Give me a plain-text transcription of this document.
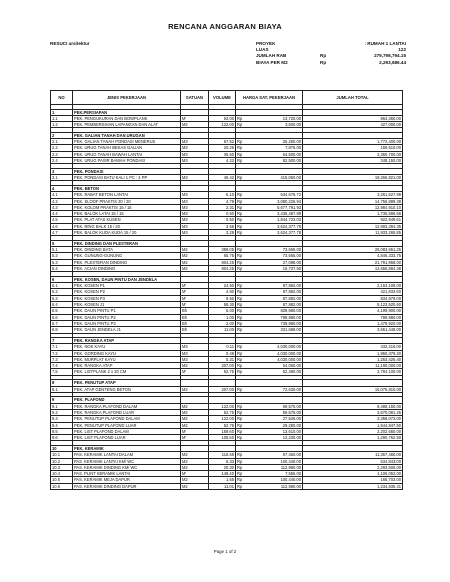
RENCANA ANGGARAN BIAYA
RESUCI arsitektur	PROYEK	: RUMAH 1 LANTAI
LUAS	122
JUMLAH RAB	Rp	279,798,794.15
BIAYA PER M2	Rp	2,293,686.44
NO	JENIS PEKERJAAN	SATUAN	VOLUME	HARGA SAT. PEKERJAAN		JUMLAH TOTAL

1	PEK.PERSIAPAN					
1.1	PEK. PENGUKURAN DAN BOWPLANK	M'	63.00	Rp	13,720.00	864,360.00
1.2	PEK. PEMBERSIHAN LAPANGAN DAN ALAT	M2	122.00	Rp	3,500.00	427,000.00

2	PEK. GALIAN TANAH DAN URUGAN					
2.1	PEK. GALIAN TANAH PONDASI MENERUS	M3	67.52	Rp	26,250.00	1,772,400.00
2.2	PEK. URUG TANAH BEKAS GALIAN	M3	20.26	Rp	7,875.00	159,510.00
2.3	PEK. URUG TANAH BAWAH LANTAI	M3	36.60	Rp	64,500.00	2,360,700.00
2.4	PEK. URUG PASIR BAWAH PONDASI	M3	4.22	Rp	82,500.00	348,150.00

3	PEK. PONDASI					
3.1	PEK. PONDASI BATU KALI 1 PC : 4 PP	M3	46.42	Rp	415,060.00	19,266,821.00

4	PEK. BETON					
4.1	PEK. RABAT BETON LANTAI	M3	6.10	Rp	534,676.72	3,261,527.99
4.2	PEK. SLOOF PRAKTIS 20 / 20	M3	4.79	Rp	3,080,226.94	14,756,889.38
4.3	PEK. KOLOM PRAKTIS 15 / 15	M3	2.31	Rp	5,677,791.93	12,984,910.10
4.4	PEK. BALOK LATAI 15 / 15	M3	0.50	Rp	3,435,487.89	1,735,596.56
4.5	PEK. PLAT ATAS KUSEN	M3	0.50	Rp	1,844,723.03	922,949.61
4.6	PEK. RING BALK 15 / 20	M3	3.59	Rp	3,624,377.78	12,993,394.35
4.7	PEK. BALOK KUDA KUDA 15 / 20	M3	3.29	Rp	3,624,377.78	11,933,265.85

5	PEK. DINDING DAN PLESTERAN					
5.1	PEK. DINDING BATA	M2	389.05	Rp	73,665.00	28,083,651.25
5.2	PEK. GUNUNG-GUNUNG	M2	65.75	Rp	73,665.00	4,846,333.75
5.3	PEK. PLESTERAN DINDING	M2	804.25	Rp	27,098.00	21,791,958.00
5.4	PEK. ACIAN DINDING	M2	804.25	Rp	15,737.50	12,656,884.38

6	PEK. KOSEN, DAUN PINTU DAN JENDELA					
6.1	PEK. KOSEN P1	M'	24.50	Rp	87,882.00	2,153,109.00
6.2	PEK. KOSEN P2	M'	4.80	Rp	87,882.00	421,833.60
6.3	PEK. KOSEN P3	M'	9.50	Rp	87,882.00	834,879.00
6.4	PEK. KOSEN J1	M'	58.30	Rp	87,882.00	5,123,520.60
6.5	PEK. DAUN PINTU P1	Bh	5.00	Rp	839,980.00	4,199,900.00
6.6	PEK. DAUN PINTU P2	Bh	1.00	Rp	789,980.00	789,980.00
6.7	PEK. DAUN PINTU P3	Bh	2.00	Rp	739,980.00	1,479,920.00
6.8	PEK. DAUN JENDELA J1	Bh	11.00	Rp	331,688.00	3,651,448.00

7	PEK. RANGKA ATAP					
7.1	PEK. NOK KAYU	M3	0.11	Rp	4,030,000.00	432,216.00
7.2	PEK. GORDING KAYU	M3	0.48	Rp	4,030,000.00	1,950,379.20
7.3	PEK. MURPLAT KAYU	M3	0.31	Rp	4,030,000.00	1,253,426.40
7.4	PEK. RANGKA ATAP	M2	207.00	Rp	54,060.00	11,190,000.00
7.5	PEK. LISTPLANK 2 x 20 CM	M'	52.75	Rp	52,480.00	2,784,100.00

8	PEK. PENUTUP ATAP					
8.1	PEK. ATAP GENTENG BETON	M2	207.00	Rp	72,630.00	15,075,810.00

9	PEK. PLAFOND					
9.1	PEK. RANGKA PLAFOND DALAM	M2	122.00	Rp	69,575.00	8,488,150.00
9.2	PEK. RANGKA PLAFOND LUAR	M2	52.75	Rp	69,575.00	3,670,081.25
9.3	PEK. PENUTUP PLAFOND DALAM	M2	122.00	Rp	27,526.00	3,358,072.00
9.4	PEK. PENUTUP PLAFOND LUAR	M2	52.75	Rp	29,280.00	1,544,847.50
9.5	PEK. LIST PLAFOND DALAM	M'	159.60	Rp	13,610.00	2,202,650.00
9.6	PEK. LIST PLAFOND LUAR	M'	105.50	Rp	12,230.00	1,290,762.50

10	PEK. KERAMIK					
10.1	PAS. KERAMIK LANTAI DALAM	M2	116.69	Rp	97,460.00	11,367,460.00
10.2	PAS. KERAMIK LANTAI KM/ WC	M2	5.33	Rp	100,440.00	534,843.00
10.3	PAS. KERAMIK DINDING KM/ WC	M2	20.30	Rp	112,980.00	2,293,506.00
10.4	PAS. PLINT KERAMIK LANTAI	M'	148.40	Rp	7,555.00	1,106,052.00
10.5	PAS. KERAMIK MEJA DAPUR	M2	1.65	Rp	100,440.00	165,703.00
10.6	PAS. KERAMIK DINDING DAPUR	M2	11.01	Rp	112,980.00	1,234,835.31
Page 1 of 2
